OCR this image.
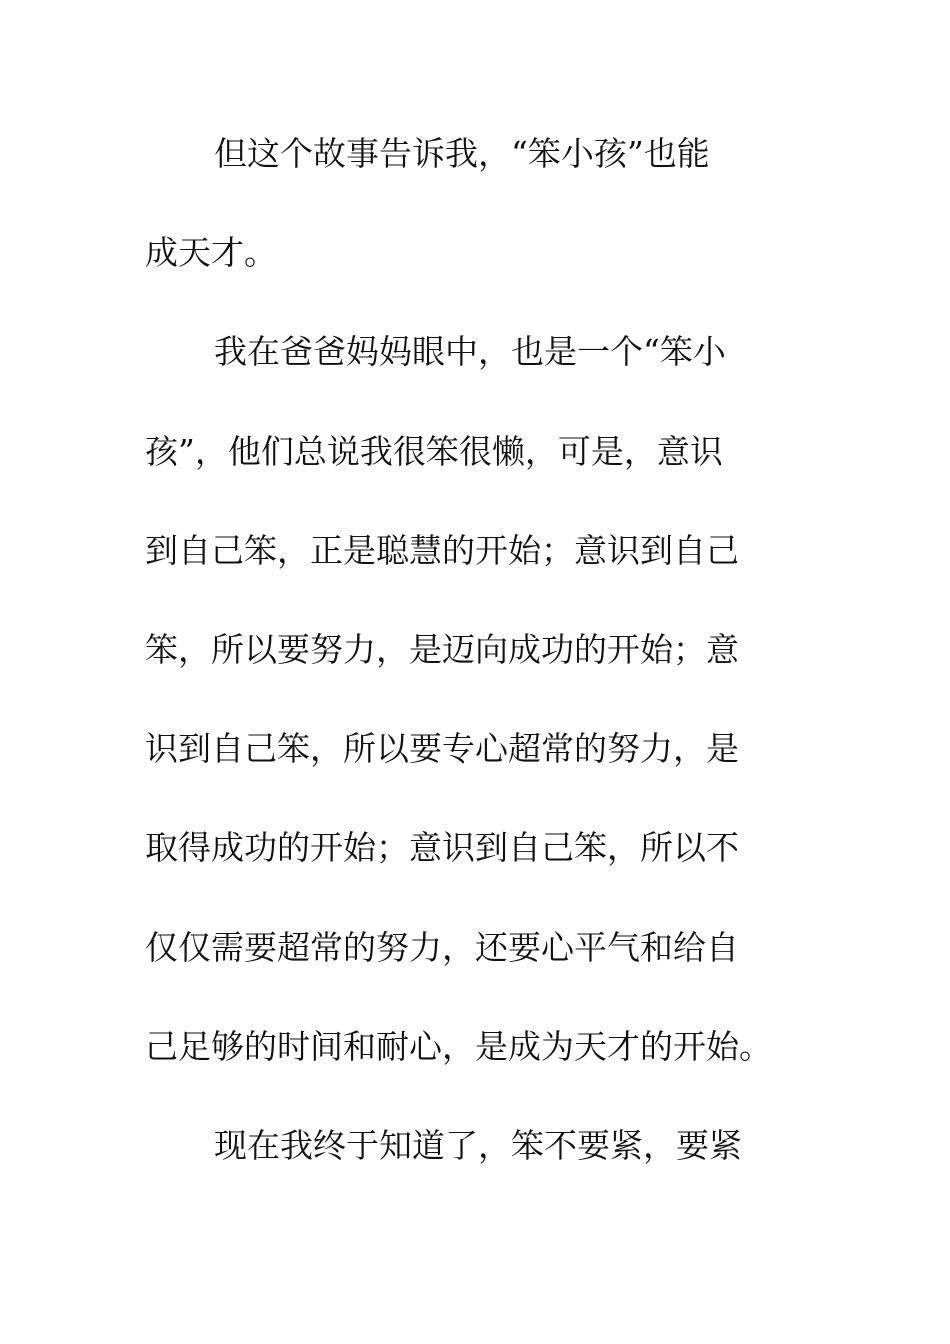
但这个故事告诉我，“笨小孩”也能
成天才。
我在爸爸妈妈眼中，也是一个“笨小
孩”，他们总说我很笨很懒，可是，意识
到自己笨，正是聪慧的开始；意识到自己
笨，所以要努力，是迈向成功的开始；意
识到自己笨，所以要专心超常的努力，是
取得成功的开始；意识到自己笨，所以不
仅仅需要超常的努力，还要心平气和给自
己足够的时间和耐心，是成为天才的开始。
现在我终于知道了，笨不要紧，要紧
